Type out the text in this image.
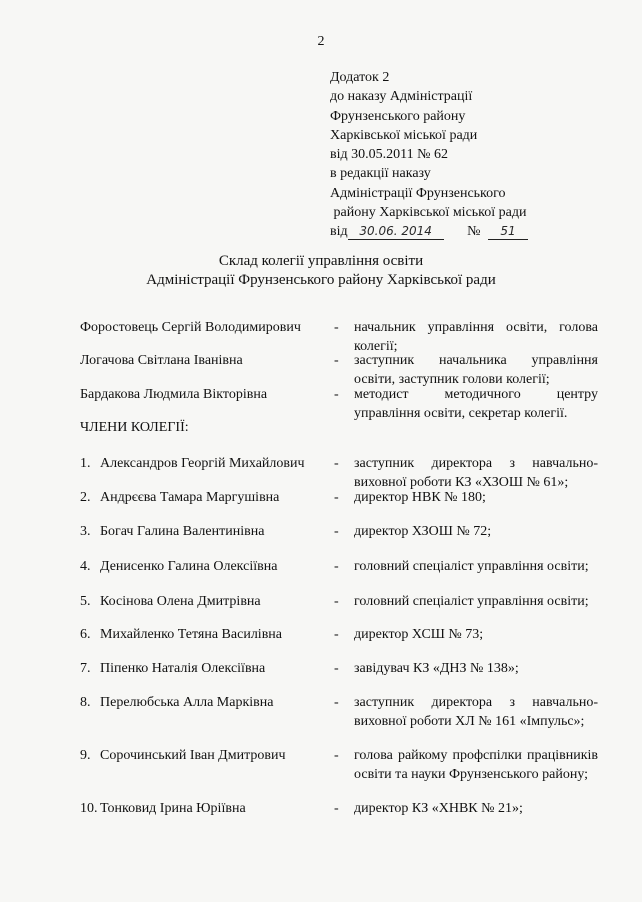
2
Додаток 2
до наказу Адміністрації
Фрунзенського району
Харківської міської ради
від 30.05.2011 № 62
в редакції наказу
Адміністрації Фрунзенського
району Харківської міської ради
від 30.06. 2014	№ 51
Склад колегії управління освіти
Адміністрації Фрунзенського району Харківської ради
Форостовець Сергій Володимирович - начальник управління освіти, голова колегії;
Логачова Світлана Іванівна	- заступник начальника управління освіти, заступник голови колегії;
Бардакова Людмила Вікторівна	- методист методичного центру управління освіти, секретар колегії.
ЧЛЕНИ КОЛЕГІЇ:
1. Александров Георгій Михайлович - заступник директора з навчально-виховної роботи КЗ «ХЗОШ № 61»;
2. Андрєєва Тамара Маргушівна	- директор НВК № 180;
3. Богач Галина Валентинівна	- директор ХЗОШ № 72;
4. Денисенко Галина Олексіївна	- головний спеціаліст управління освіти;
5. Косінова Олена Дмитрівна	- головний спеціаліст управління освіти;
6. Михайленко Тетяна Василівна	- директор ХСШ № 73;
7. Піпенко Наталія Олексіївна	- завідувач КЗ «ДНЗ № 138»;
8. Перелюбська Алла Марківна	- заступник директора з навчально-виховної роботи ХЛ № 161 «Імпульс»;
9. Сорочинський Іван Дмитрович	- голова райкому профспілки працівників освіти та науки Фрунзенського району;
10. Тонковид Ірина Юріївна	- директор КЗ «ХНВК № 21»;
